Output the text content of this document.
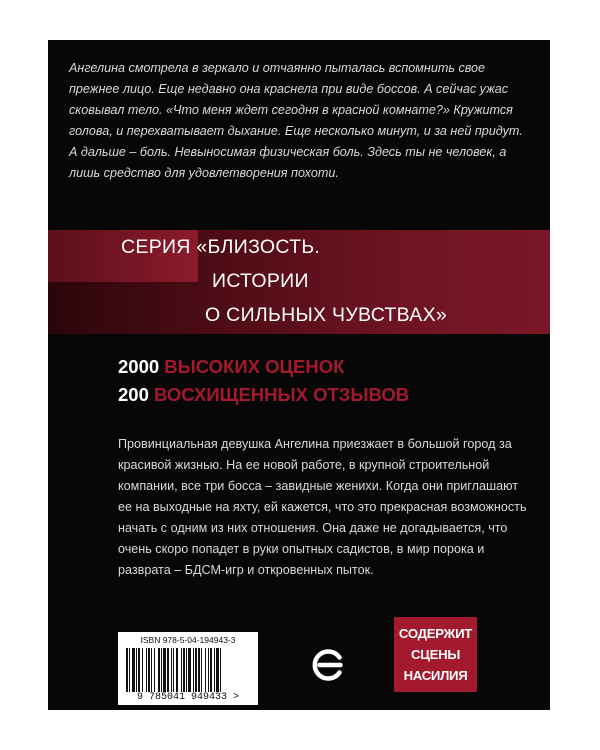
Ангелина смотрела в зеркало и отчаянно пыталась вспомнить свое прежнее лицо. Еще недавно она краснела при виде боссов. А сейчас ужас сковывал тело. «Что меня ждет сегодня в красной комнате?» Кружится голова, и перехватывает дыхание. Еще несколько минут, и за ней придут. А дальше – боль. Невыносимая физическая боль. Здесь ты не человек, а лишь средство для удовлетворения похоти.

СЕРИЯ «БЛИЗОСТЬ.

ИСТОРИИ

О СИЛЬНЫХ ЧУВСТВАХ»

2000 ВЫСОКИХ ОЦЕНОК

200 ВОСХИЩЕННЫХ ОТЗЫВОВ

Провинциальная девушка Ангелина приезжает в большой город за красивой жизнью. На ее новой работе, в крупной строительной компании, все три босса – завидные женихи. Когда они приглашают ее на выходные на яхту, ей кажется, что это прекрасная возможность начать с одним из них отношения. Она даже не догадывается, что очень скоро попадет в руки опытных садистов, в мир порока и разврата – БДСМ-игр и откровенных пыток.

ISBN 978-5-04-194943-3
9 785041 949433 >

СОДЕРЖИТ

СЦЕНЫ

НАСИЛИЯ
